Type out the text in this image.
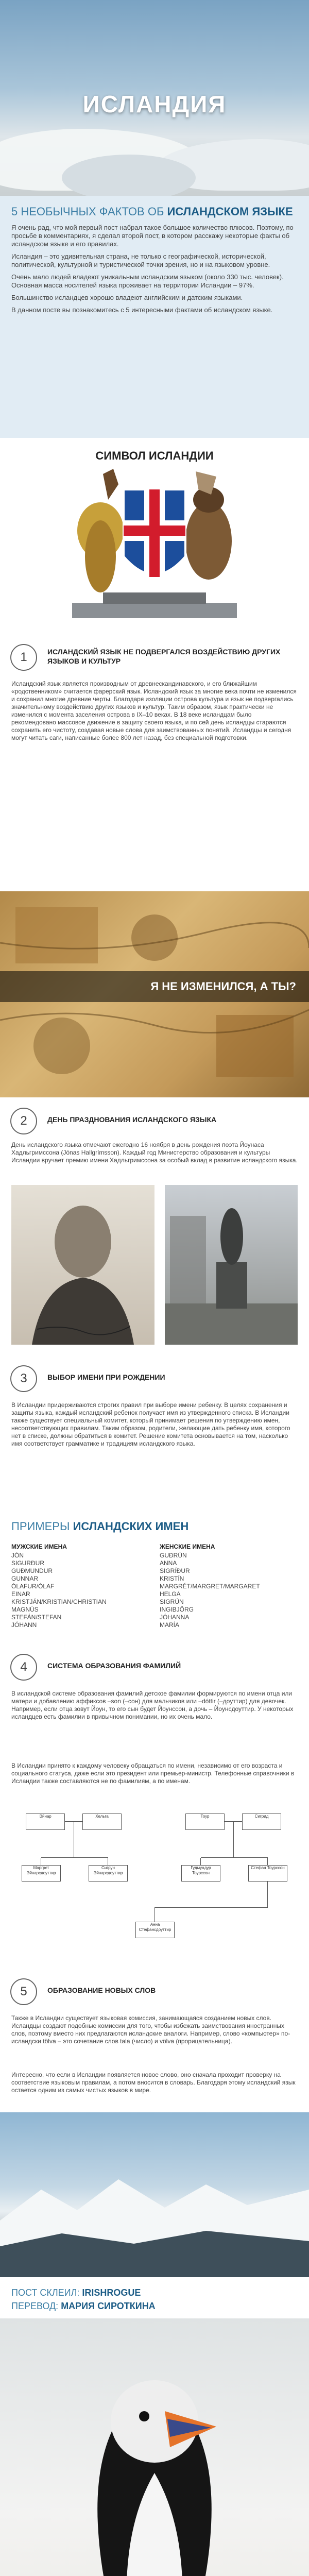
ИСЛАНДИЯ
5 НЕОБЫЧНЫХ ФАКТОВ ОБ ИСЛАНДСКОМ ЯЗЫКЕ

Я очень рад, что мой первый пост набрал такое большое количество плюсов. Поэтому, по просьбе в комментариях, я сделал второй пост, в котором расскажу некоторые факты об исландском языке и его правилах.

Исландия – это удивительная страна, не только с географической, исторической, политической, культурной и туристической точки зрения, но и на языковом уровне.

Очень мало людей владеют уникальным исландским языком (около 330 тыс. человек). Основная масса носителей языка проживает на территории Исландии – 97%.

Большинство исландцев хорошо владеют английским и датским языками.

В данном посте вы познакомитесь с 5 интересными фактами об исландском языке.

СИМВОЛ ИСЛАНДИИ
1	ИСЛАНДСКИЙ ЯЗЫК НЕ ПОДВЕРГАЛСЯ ВОЗДЕЙСТВИЮ ДРУГИХ ЯЗЫКОВ И КУЛЬТУР

Исландский язык является производным от древнескандинавского, и его ближайшим «родственником» считается фарерский язык. Исландский язык за многие века почти не изменился и сохранил многие древние черты. Благодаря изоляции острова культура и язык не подвергались значительному воздействию других языков и культур. Таким образом, язык практически не изменился с момента заселения острова в IX–10 веках. В 18 веке исландцам было рекомендовано массовое движение в защиту своего языка, и по сей день исландцы стараются сохранить его чистоту, создавая новые слова для заимствованных понятий. Исландцы и сегодня могут читать саги, написанные более 800 лет назад, без специальной подготовки.

Я НЕ ИЗМЕНИЛСЯ, А ТЫ?
2	ДЕНЬ ПРАЗДНОВАНИЯ ИСЛАНДСКОГО ЯЗЫКА

День исландского языка отмечают ежегодно 16 ноября в день рождения поэта Йоунаса Хадльгримссона (Jónas Hallgrímsson). Каждый год Министерство образования и культуры Исландии вручает премию имени Хадльгримссона за особый вклад в развитие исландского языка.

3	ВЫБОР ИМЕНИ ПРИ РОЖДЕНИИ

В Исландии придерживаются строгих правил при выборе имени ребенку. В целях сохранения и защиты языка, каждый исландский ребенок получает имя из утвержденного списка. В Исландии также существует специальный комитет, который принимает решения по утверждению имен, несоответствующих правилам. Таким образом, родители, желающие дать ребенку имя, которого нет в списке, должны обратиться в комитет. Решение комитета основывается на том, насколько имя соответствует грамматике и традициям исландского языка.

ПРИМЕРЫ ИСЛАНДСКИХ ИМЕН
МУЖСКИЕ ИМЕНА
JÓN
SIGURÐUR
GUÐMUNDUR
GUNNAR
ÓLAFUR/ÓLAF
EINAR
KRISTJÁN/KRISTIAN/CHRISTIAN
MAGNÚS
STEFÁN/STEFAN
JÓHANN
ЖЕНСКИЕ ИМЕНА
GUÐRÚN
ANNA
SIGRÍÐUR
KRISTÍN
MARGRÉT/MARGRET/MARGARET
HELGA
SIGRÚN
INGIBJÖRG
JÓHANNA
MARÍA
4	СИСТЕМА ОБРАЗОВАНИЯ ФАМИЛИЙ

В исландской системе образования фамилий детское фамилии формируются по имени отца или матери и добавлению аффиксов –son (–сон) для мальчиков или –dóttir (–доуттир) для девочек. Например, если отца зовут Йоун, то его сын будет Йоунссон, а дочь – Йоунсдоуттир. У некоторых исландцев есть фамилии в привычном понимании, но их очень мало.

В Исландии принято к каждому человеку обращаться по имени, независимо от его возраста и социального статуса, даже если это президент или премьер-министр. Телефонные справочники в Исландии также составляются не по фамилиям, а по именам.

Эйнар	Хельга	Тоур	Сигрид
Маргрет Эйнарсдоуттир
Сигрун Эйнарсдоуттир
Гудмундур Тоурссон
Стефан Тоурссон
Анна Стефансдоуттир
5	ОБРАЗОВАНИЕ НОВЫХ СЛОВ

Также в Исландии существует языковая комиссия, занимающаяся созданием новых слов. Исландцы создают подобные комиссии для того, чтобы избежать заимствования иностранных слов, поэтому вместо них предлагаются исландские аналоги. Например, слово «компьютер» по-исландски tölva – это сочетание слов tala (число) и völva (прорицательница).

Интересно, что если в Исландии появляется новое слово, оно сначала проходит проверку на соответствие языковым правилам, а потом вносится в словарь. Благодаря этому исландский язык остается одним из самых чистых языков в мире.

ПОСТ СКЛЕИЛ: IRISHROGUE
ПЕРЕВОД: МАРИЯ СИРОТКИНА
